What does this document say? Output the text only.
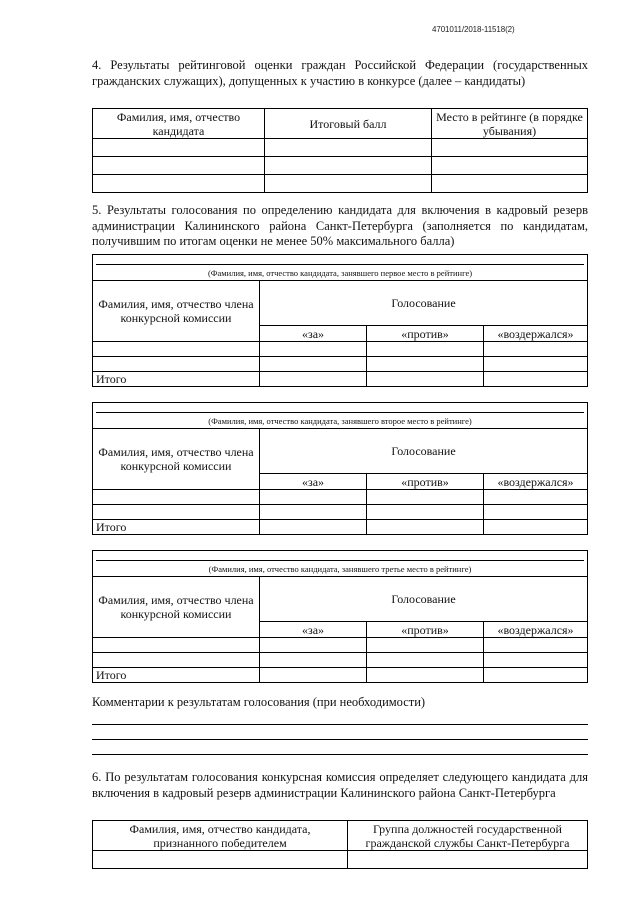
4701011/2018-11518(2)
4. Результаты рейтинговой оценки граждан Российской Федерации (государственных гражданских служащих), допущенных к участию в конкурсе (далее – кандидаты)
Фамилия, имя, отчество кандидата	Итоговый балл	Место в рейтинге (в порядке убывания)

5. Результаты голосования по определению кандидата для включения в кадровый резерв администрации Калининского района Санкт-Петербурга (заполняется по кандидатам, получившим по итогам оценки не менее 50% максимального балла)
(Фамилия, имя, отчество кандидата, занявшего первое место в рейтинге)			
Фамилия, имя, отчество члена конкурсной комиссии	Голосование		
	«за»	«против»	«воздержался»

Итого			
(Фамилия, имя, отчество кандидата, занявшего второе место в рейтинге)			
Фамилия, имя, отчество члена конкурсной комиссии	Голосование		
	«за»	«против»	«воздержался»

Итого			
(Фамилия, имя, отчество кандидата, занявшего третье место в рейтинге)			
Фамилия, имя, отчество члена конкурсной комиссии	Голосование		
	«за»	«против»	«воздержался»

Итого			
Комментарии к результатам голосования (при необходимости)
6. По результатам голосования конкурсная комиссия определяет следующего кандидата для включения в кадровый резерв администрации Калининского района Санкт-Петербурга
Фамилия, имя, отчество кандидата, признанного победителем	Группа должностей государственной гражданской службы Санкт-Петербурга
